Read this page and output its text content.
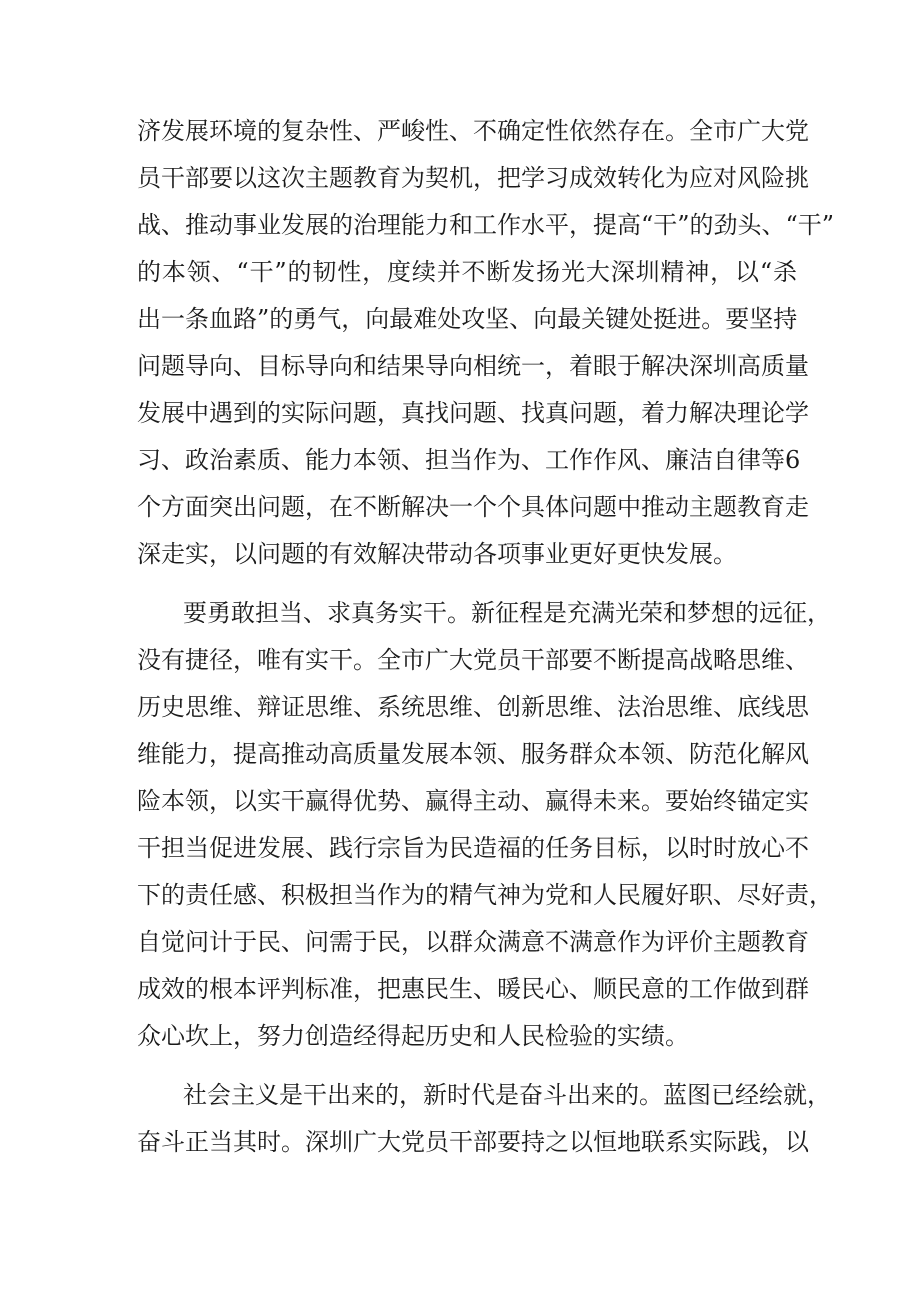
济发展环境的复杂性、严峻性、不确定性依然存在。全市广大党
员干部要以这次主题教育为契机，把学习成效转化为应对风险挑
战、推动事业发展的治理能力和工作水平，提高“干”的劲头、“干”
的本领、“干”的韧性，度续并不断发扬光大深圳精神，以“杀
出一条血路”的勇气，向最难处攻坚、向最关键处挺进。要坚持
问题导向、目标导向和结果导向相统一，着眼于解决深圳高质量
发展中遇到的实际问题，真找问题、找真问题，着力解决理论学
习、政治素质、能力本领、担当作为、工作作风、廉洁自律等6
个方面突出问题，在不断解决一个个具体问题中推动主题教育走
深走实，以问题的有效解决带动各项事业更好更快发展。
要勇敢担当、求真务实干。新征程是充满光荣和梦想的远征，
没有捷径，唯有实干。全市广大党员干部要不断提高战略思维、
历史思维、辩证思维、系统思维、创新思维、法治思维、底线思
维能力，提高推动高质量发展本领、服务群众本领、防范化解风
险本领，以实干赢得优势、赢得主动、赢得未来。要始终锚定实
干担当促进发展、践行宗旨为民造福的任务目标，以时时放心不
下的责任感、积极担当作为的精气神为党和人民履好职、尽好责，
自觉问计于民、问需于民，以群众满意不满意作为评价主题教育
成效的根本评判标准，把惠民生、暖民心、顺民意的工作做到群
众心坎上，努力创造经得起历史和人民检验的实绩。
社会主义是干出来的，新时代是奋斗出来的。蓝图已经绘就，
奋斗正当其时。深圳广大党员干部要持之以恒地联系实际践，以
